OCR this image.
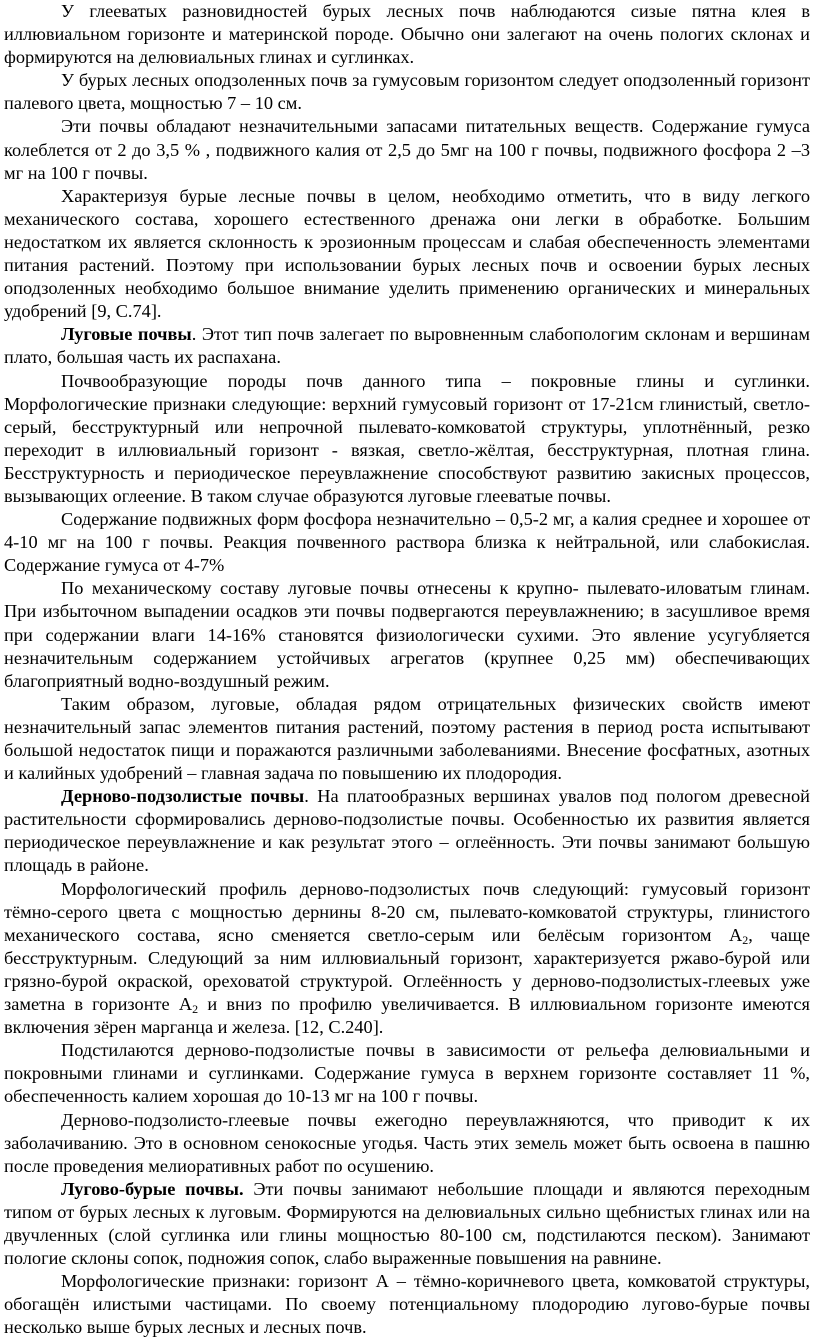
У глееватых разновидностей бурых лесных почв наблюдаются сизые пятна клея в иллювиальном горизонте и материнской породе. Обычно они залегают на очень пологих склонах и формируются на делювиальных глинах и суглинках.

У бурых лесных оподзоленных почв за гумусовым горизонтом следует оподзоленный горизонт палевого цвета, мощностью 7 – 10 см.

Эти почвы обладают незначительными запасами питательных веществ. Содержание гумуса колеблется от 2 до 3,5 % , подвижного калия от 2,5 до 5мг на 100 г почвы, подвижного фосфора 2 –3 мг на 100 г почвы.

Характеризуя бурые лесные почвы в целом, необходимо отметить, что в виду легкого механического состава, хорошего естественного дренажа они легки в обработке. Большим недостатком их является склонность к эрозионным процессам и слабая обеспеченность элементами питания растений. Поэтому при использовании бурых лесных почв и освоении бурых лесных оподзоленных необходимо большое внимание уделить применению органических и минеральных удобрений [9, С.74].

Луговые почвы. Этот тип почв залегает по выровненным слабопологим склонам и вершинам плато, большая часть их распахана.

Почвообразующие породы почв данного типа – покровные глины и суглинки. Морфологические признаки следующие: верхний гумусовый горизонт от 17-21см глинистый, светло-серый, бесструктурный или непрочной пылевато-комковатой структуры, уплотнённый, резко переходит в иллювиальный горизонт - вязкая, светло-жёлтая, бесструктурная, плотная глина. Бесструктурность и периодическое переувлажнение способствуют развитию закисных процессов, вызывающих оглеение. В таком случае образуются луговые глееватые почвы.

Содержание подвижных форм фосфора незначительно – 0,5-2 мг, а калия среднее и хорошее от 4-10 мг на 100 г почвы. Реакция почвенного раствора близка к нейтральной, или слабокислая. Содержание гумуса от 4-7%

По механическому составу луговые почвы отнесены к крупно- пылевато-иловатым глинам. При избыточном выпадении осадков эти почвы подвергаются переувлажнению; в засушливое время при содержании влаги 14-16% становятся физиологически сухими. Это явление усугубляется незначительным содержанием устойчивых агрегатов (крупнее 0,25 мм) обеспечивающих благоприятный водно-воздушный режим.

Таким образом, луговые, обладая рядом отрицательных физических свойств имеют незначительный запас элементов питания растений, поэтому растения в период роста испытывают большой недостаток пищи и поражаются различными заболеваниями. Внесение фосфатных, азотных и калийных удобрений – главная задача по повышению их плодородия.

Дерново-подзолистые почвы. На платообразных вершинах увалов под пологом древесной растительности сформировались дерново-подзолистые почвы. Особенностью их развития является периодическое переувлажнение и как результат этого – оглеённость. Эти почвы занимают большую площадь в районе.

Морфологический профиль дерново-подзолистых почв следующий: гумусовый горизонт тёмно-серого цвета с мощностью дернины 8-20 см, пылевато-комковатой структуры, глинистого механического состава, ясно сменяется светло-серым или белёсым горизонтом $А_2$, чаще бесструктурным. Следующий за ним иллювиальный горизонт, характеризуется ржаво-бурой или грязно-бурой окраской, ореховатой структурой. Оглеённость у дерново-подзолистых-глеевых уже заметна в горизонте $А_2$ и вниз по профилю увеличивается. В иллювиальном горизонте имеются включения зёрен марганца и железа. [12, С.240].

Подстилаются дерново-подзолистые почвы в зависимости от рельефа делювиальными и покровными глинами и суглинками. Содержание гумуса в верхнем горизонте составляет 11 %, обеспеченность калием хорошая до 10-13 мг на 100 г почвы.

Дерново-подзолисто-глеевые почвы ежегодно переувлажняются, что приводит к их заболачиванию. Это в основном сенокосные угодья. Часть этих земель может быть освоена в пашню после проведения мелиоративных работ по осушению.

Лугово-бурые почвы. Эти почвы занимают небольшие площади и являются переходным типом от бурых лесных к луговым. Формируются на делювиальных сильно щебнистых глинах или на двучленных (слой суглинка или глины мощностью 80-100 см, подстилаются песком). Занимают пологие склоны сопок, подножия сопок, слабо выраженные повышения на равнине.

Морфологические признаки: горизонт А – тёмно-коричневого цвета, комковатой структуры, обогащён илистыми частицами. По своему потенциальному плодородию лугово-бурые почвы несколько выше бурых лесных и лесных почв.
